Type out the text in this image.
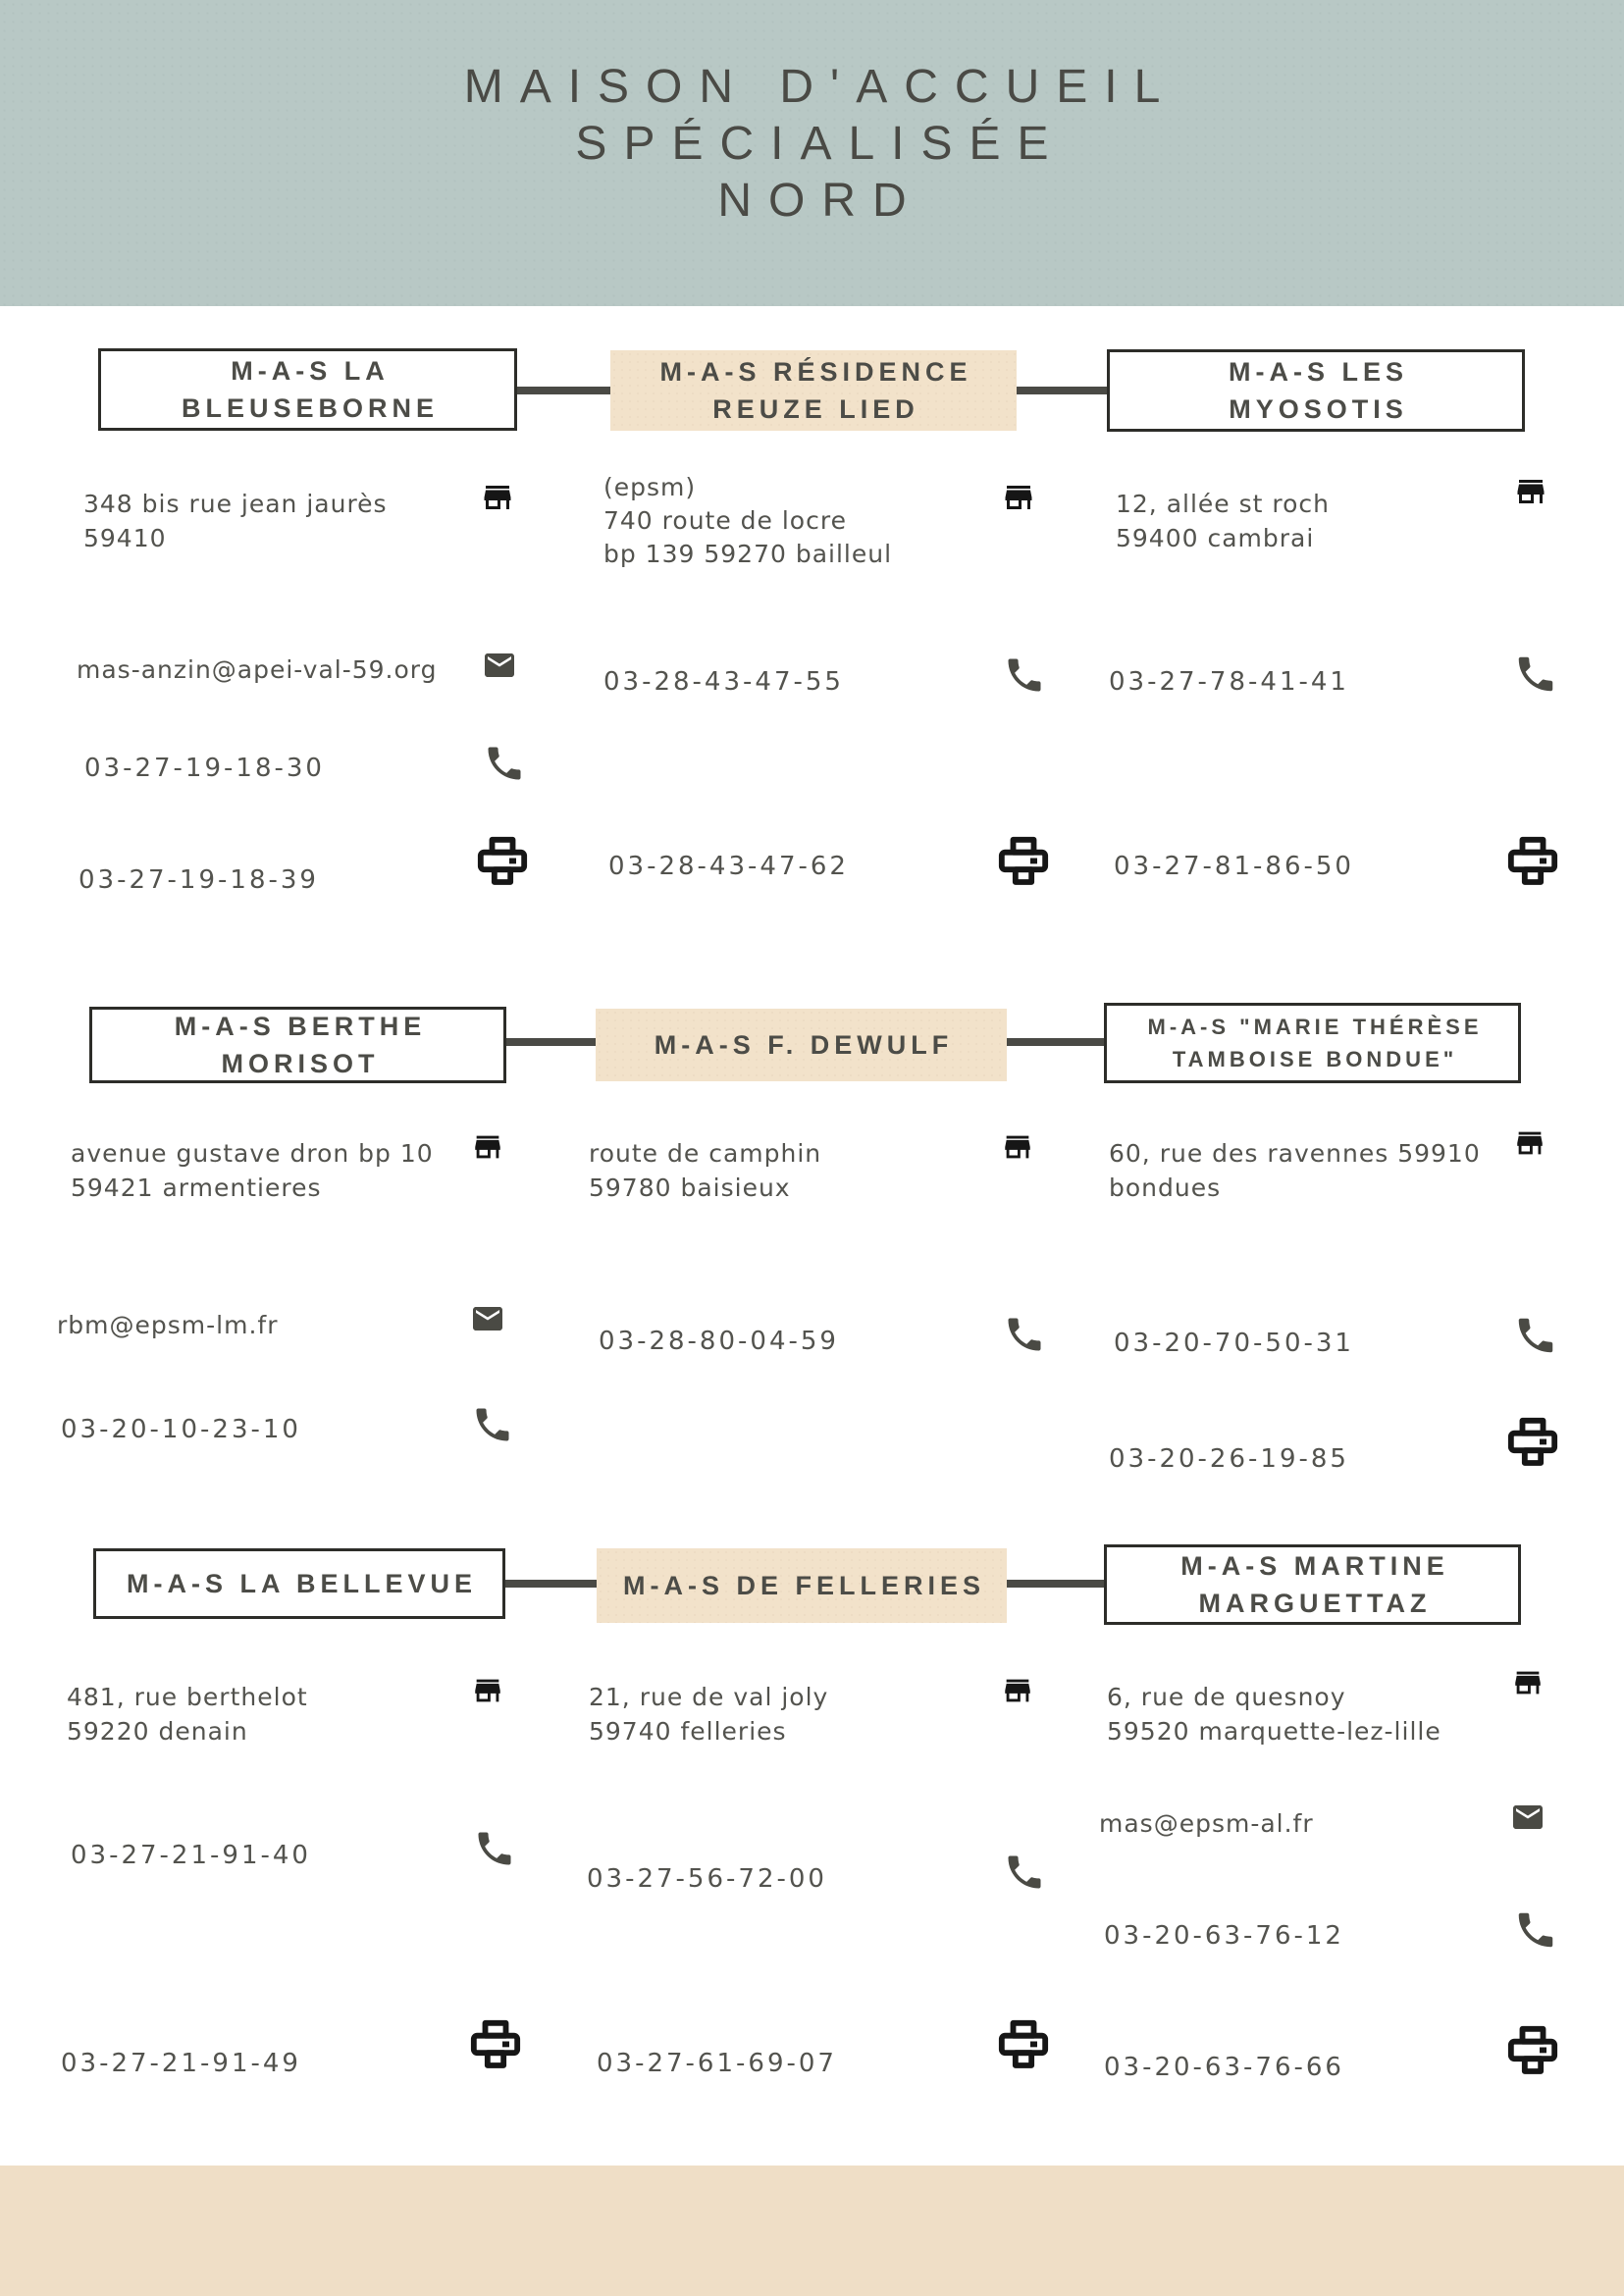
MAISON D'ACCUEIL
SPÉCIALISÉE
NORD
M-A-S LA
BLEUSEBORNE
M-A-S RÉSIDENCE
REUZE LIED
M-A-S LES
MYOSOTIS
348 bis rue jean jaurès
59410
mas-anzin@apei-val-59.org
03-27-19-18-30
03-27-19-18-39
(epsm)
740 route de locre
bp 139 59270 bailleul
03-28-43-47-55
03-28-43-47-62
12, allée st roch
59400 cambrai
03-27-78-41-41
03-27-81-86-50
M-A-S BERTHE
MORISOT
M-A-S F. DEWULF
M-A-S "MARIE THÉRÈSE
TAMBOISE BONDUE"
avenue gustave dron bp 10
59421 armentieres
rbm@epsm-lm.fr
03-20-10-23-10
route de camphin
59780 baisieux
03-28-80-04-59
60, rue des ravennes 59910
bondues
03-20-70-50-31
03-20-26-19-85
M-A-S LA BELLEVUE	M-A-S DE FELLERIES
M-A-S MARTINE
MARGUETTAZ
481, rue berthelot
59220 denain
03-27-21-91-40
03-27-21-91-49
21, rue de val joly
59740 felleries
03-27-56-72-00
03-27-61-69-07
6, rue de quesnoy
59520 marquette-lez-lille
mas@epsm-al.fr
03-20-63-76-12
03-20-63-76-66
